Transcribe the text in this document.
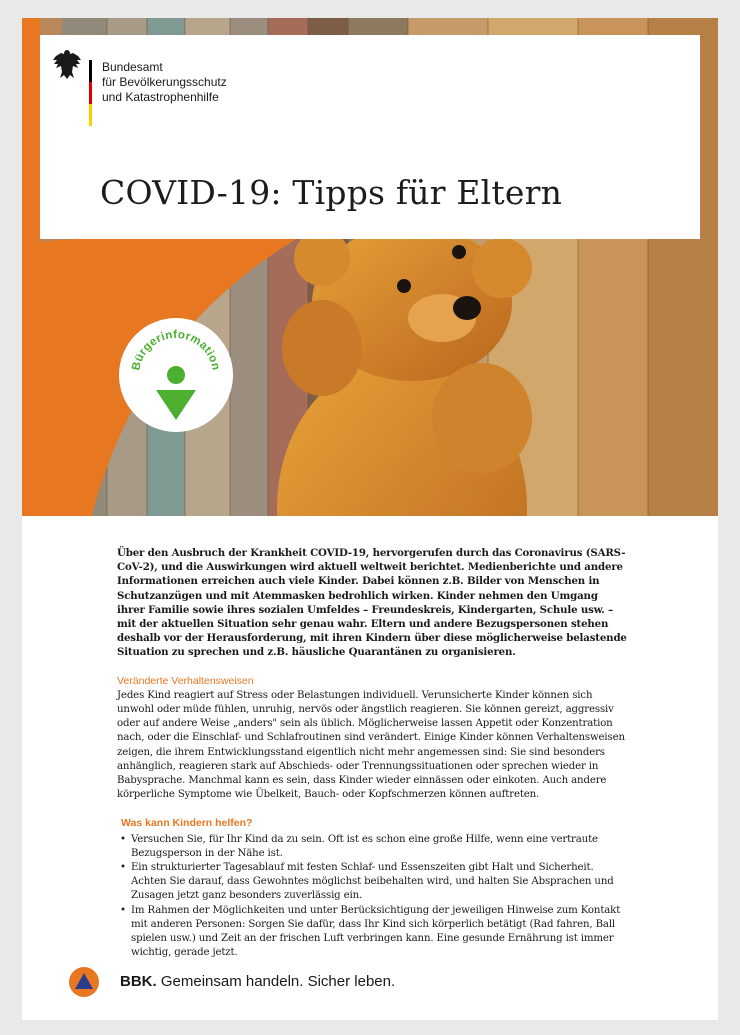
Bundesamt
für Bevölkerungsschutz
und Katastrophenhilfe
COVID-19: Tipps für Eltern
Bürgerinformation

Über den Ausbruch der Krankheit COVID-19, hervorgerufen durch das Coronavirus (SARS-CoV-2), und die Auswirkungen wird aktuell weltweit berichtet. Medienberichte und andere Informationen erreichen auch viele Kinder. Dabei können z.B. Bilder von Menschen in Schutzanzügen und mit Atemmasken bedrohlich wirken. Kinder nehmen den Umgang ihrer Familie sowie ihres sozialen Umfeldes – Freundeskreis, Kindergarten, Schule usw. – mit der aktuellen Situation sehr genau wahr. Eltern und andere Bezugspersonen stehen deshalb vor der Herausforderung, mit ihren Kindern über diese möglicherweise belastende Situation zu sprechen und z.B. häusliche Quarantänen zu organisieren.

Veränderte Verhaltensweisen

Jedes Kind reagiert auf Stress oder Belastungen individuell. Verunsicherte Kinder können sich unwohl oder müde fühlen, unruhig, nervös oder ängstlich reagieren. Sie können gereizt, aggressiv oder auf andere Weise „anders" sein als üblich. Möglicherweise lassen Appetit oder Konzentration nach, oder die Einschlaf- und Schlafroutinen sind verändert. Einige Kinder können Verhaltensweisen zeigen, die ihrem Entwicklungsstand eigentlich nicht mehr angemessen sind: Sie sind besonders anhänglich, reagieren stark auf Abschieds- oder Trennungssituationen oder sprechen wieder in Babysprache. Manchmal kann es sein, dass Kinder wieder einnässen oder einkoten. Auch andere körperliche Symptome wie Übelkeit, Bauch- oder Kopfschmerzen können auftreten.

Was kann Kindern helfen?
• Versuchen Sie, für Ihr Kind da zu sein. Oft ist es schon eine große Hilfe, wenn eine vertraute Bezugsperson in der Nähe ist.
• Ein strukturierter Tagesablauf mit festen Schlaf- und Essenszeiten gibt Halt und Sicherheit. Achten Sie darauf, dass Gewohntes möglichst beibehalten wird, und halten Sie Absprachen und Zusagen jetzt ganz besonders zuverlässig ein.
• Im Rahmen der Möglichkeiten und unter Berücksichtigung der jeweiligen Hinweise zum Kontakt mit anderen Personen: Sorgen Sie dafür, dass Ihr Kind sich körperlich betätigt (Rad fahren, Ball spielen usw.) und Zeit an der frischen Luft verbringen kann. Eine gesunde Ernährung ist immer wichtig, gerade jetzt.
BBK. Gemeinsam handeln. Sicher leben.
